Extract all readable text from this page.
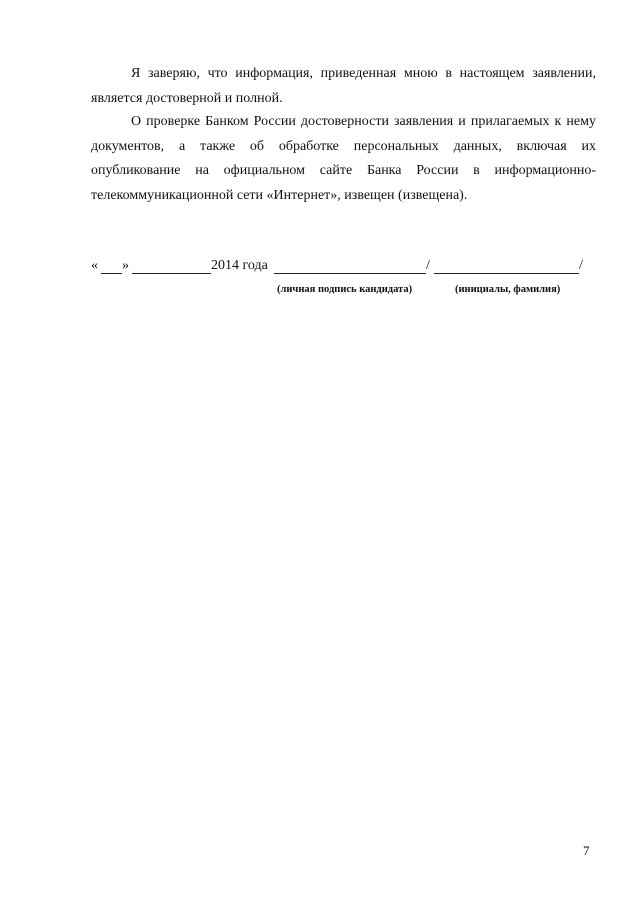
Я заверяю, что информация, приведенная мною в настоящем заявлении, является достоверной и полной.

О проверке Банком России достоверности заявления и прилагаемых к нему документов, а также об обработке персональных данных, включая их опубликование на официальном сайте Банка России в информационно-телекоммуникационной сети «Интернет», извещен (извещена).

« »	2014 года	/	/
(личная подпись кандидата)	(инициалы, фамилия)
7
